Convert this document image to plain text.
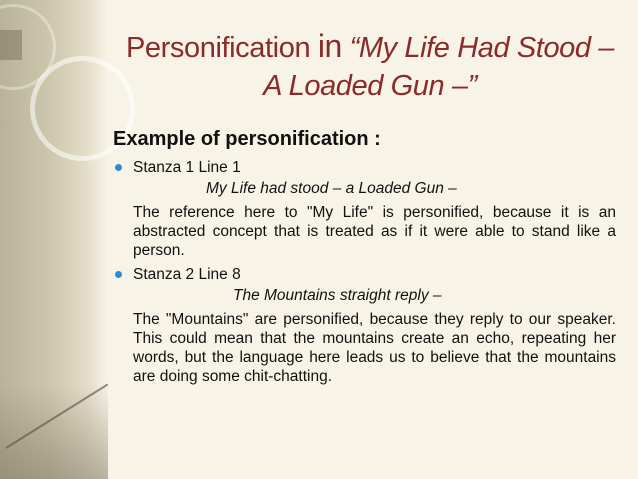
Personification in “My Life Had Stood –
A Loaded Gun –”
Example of personification :
Stanza 1 Line 1
My Life had stood – a Loaded Gun –
The reference here to "My Life" is personified, because it is an abstracted concept that is treated as if it were able to stand like a person.
Stanza 2 Line 8
The Mountains straight reply –
The "Mountains" are personified, because they reply to our speaker. This could mean that the mountains create an echo, repeating her words, but the language here leads us to believe that the mountains are doing some chit-chatting.
